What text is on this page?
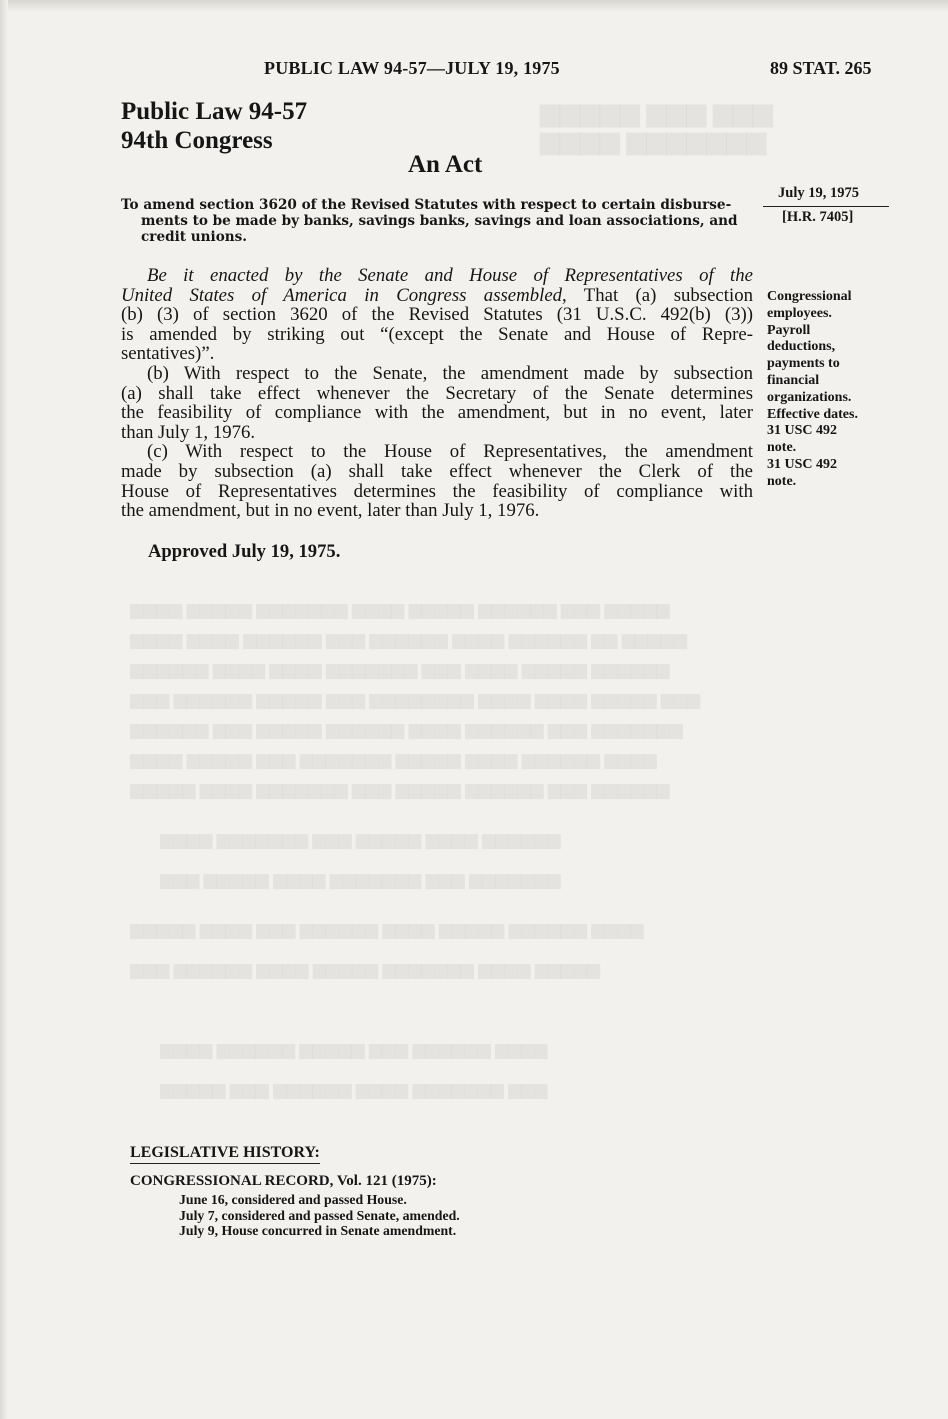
▆▆▆▆▆ ▆▆▆ ▆▆▆
▆▆▆▆ ▆▆▆▆▆▆▆
▆▆▆▆ ▆▆▆▆▆ ▆▆▆▆▆▆▆ ▆▆▆▆ ▆▆▆▆▆ ▆▆▆▆▆▆ ▆▆▆ ▆▆▆▆▆
▆▆▆▆ ▆▆▆▆ ▆▆▆▆▆▆ ▆▆▆ ▆▆▆▆▆▆ ▆▆▆▆ ▆▆▆▆▆▆ ▆▆ ▆▆▆▆▆
▆▆▆▆▆▆ ▆▆▆▆ ▆▆▆▆ ▆▆▆▆▆▆▆ ▆▆▆ ▆▆▆▆ ▆▆▆▆▆ ▆▆▆▆▆▆
▆▆▆ ▆▆▆▆▆▆ ▆▆▆▆▆ ▆▆▆ ▆▆▆▆▆▆▆▆ ▆▆▆▆ ▆▆▆▆ ▆▆▆▆▆ ▆▆▆
▆▆▆▆▆▆ ▆▆▆ ▆▆▆▆▆ ▆▆▆▆▆▆ ▆▆▆▆ ▆▆▆▆▆▆ ▆▆▆ ▆▆▆▆▆▆▆
▆▆▆▆ ▆▆▆▆▆ ▆▆▆ ▆▆▆▆▆▆▆ ▆▆▆▆▆ ▆▆▆▆ ▆▆▆▆▆▆ ▆▆▆▆
▆▆▆▆▆ ▆▆▆▆ ▆▆▆▆▆▆▆ ▆▆▆ ▆▆▆▆▆ ▆▆▆▆▆▆ ▆▆▆ ▆▆▆▆▆▆
▆▆▆▆ ▆▆▆▆▆▆▆ ▆▆▆ ▆▆▆▆▆ ▆▆▆▆ ▆▆▆▆▆▆
▆▆▆ ▆▆▆▆▆ ▆▆▆▆ ▆▆▆▆▆▆▆ ▆▆▆ ▆▆▆▆▆▆▆
▆▆▆▆▆ ▆▆▆▆ ▆▆▆ ▆▆▆▆▆▆ ▆▆▆▆ ▆▆▆▆▆ ▆▆▆▆▆▆ ▆▆▆▆
▆▆▆ ▆▆▆▆▆▆ ▆▆▆▆ ▆▆▆▆▆ ▆▆▆▆▆▆▆ ▆▆▆▆ ▆▆▆▆▆
▆▆▆▆ ▆▆▆▆▆▆ ▆▆▆▆▆ ▆▆▆ ▆▆▆▆▆▆ ▆▆▆▆
▆▆▆▆▆ ▆▆▆ ▆▆▆▆▆▆ ▆▆▆▆ ▆▆▆▆▆▆▆ ▆▆▆
PUBLIC LAW 94-57—JULY 19, 1975	89 STAT. 265
Public Law 94-57
94th Congress
An Act
To amend section 3620 of the Revised Statutes with respect to certain disburse-
ments to be made by banks, savings banks, savings and loan associations, and
credit unions.
July 19, 1975
[H.R. 7405]
Be it enacted by the Senate and House of Representatives of the
United States of America in Congress assembled, That (a) subsection
(b) (3) of section 3620 of the Revised Statutes (31 U.S.C. 492(b) (3))
is amended by striking out “(except the Senate and House of Repre-
sentatives)”.
(b) With respect to the Senate, the amendment made by subsection
(a) shall take effect whenever the Secretary of the Senate determines
the feasibility of compliance with the amendment, but in no event, later
than July 1, 1976.
(c) With respect to the House of Representatives, the amendment
made by subsection (a) shall take effect whenever the Clerk of the
House of Representatives determines the feasibility of compliance with
the amendment, but in no event, later than July 1, 1976.
Congressional
employees.
Payroll
deductions,
payments to
financial
organizations.
Effective dates.
31 USC 492
note.
31 USC 492
note.
Approved July 19, 1975.
LEGISLATIVE HISTORY:
CONGRESSIONAL RECORD, Vol. 121 (1975):
June 16, considered and passed House.
July 7, considered and passed Senate, amended.
July 9, House concurred in Senate amendment.
